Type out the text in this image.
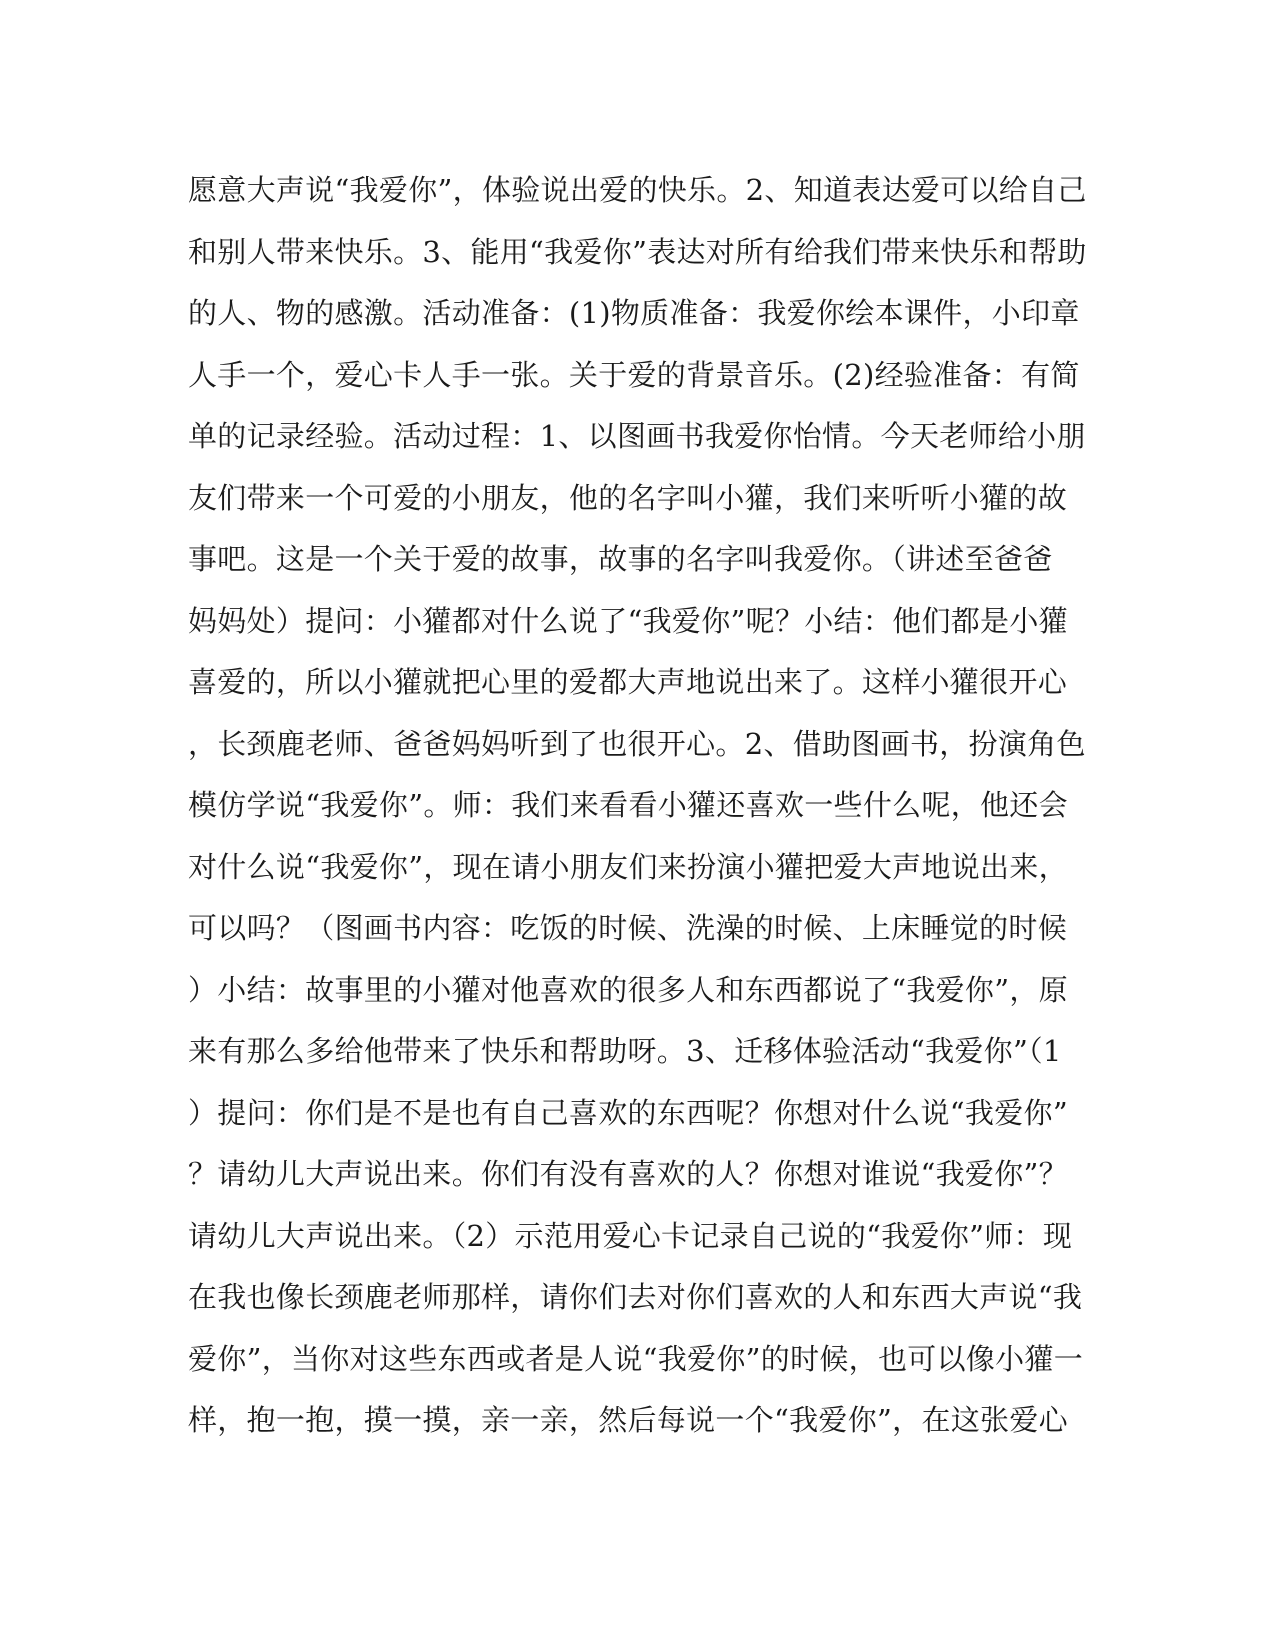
愿意大声说“我爱你”，体验说出爱的快乐。2、知道表达爱可以给自己
和别人带来快乐。3、能用“我爱你”表达对所有给我们带来快乐和帮助
的人、物的感激。活动准备：(1)物质准备：我爱你绘本课件，小印章
人手一个，爱心卡人手一张。关于爱的背景音乐。(2)经验准备：有简
单的记录经验。活动过程：1、以图画书我爱你怡情。今天老师给小朋
友们带来一个可爱的小朋友，他的名字叫小獾，我们来听听小獾的故
事吧。这是一个关于爱的故事，故事的名字叫我爱你。（讲述至爸爸
妈妈处）提问：小獾都对什么说了“我爱你”呢？小结：他们都是小獾
喜爱的，所以小獾就把心里的爱都大声地说出来了。这样小獾很开心
，长颈鹿老师、爸爸妈妈听到了也很开心。2、借助图画书，扮演角色
模仿学说“我爱你”。师：我们来看看小獾还喜欢一些什么呢，他还会
对什么说“我爱你”，现在请小朋友们来扮演小獾把爱大声地说出来，
可以吗？（图画书内容：吃饭的时候、洗澡的时候、上床睡觉的时候
）小结：故事里的小獾对他喜欢的很多人和东西都说了“我爱你”，原
来有那么多给他带来了快乐和帮助呀。3、迁移体验活动“我爱你”（1
）提问：你们是不是也有自己喜欢的东西呢？你想对什么说“我爱你”
？请幼儿大声说出来。你们有没有喜欢的人？你想对谁说“我爱你”？
请幼儿大声说出来。（2）示范用爱心卡记录自己说的“我爱你”师：现
在我也像长颈鹿老师那样，请你们去对你们喜欢的人和东西大声说“我
爱你”，当你对这些东西或者是人说“我爱你”的时候，也可以像小獾一
样，抱一抱，摸一摸，亲一亲，然后每说一个“我爱你”，在这张爱心
